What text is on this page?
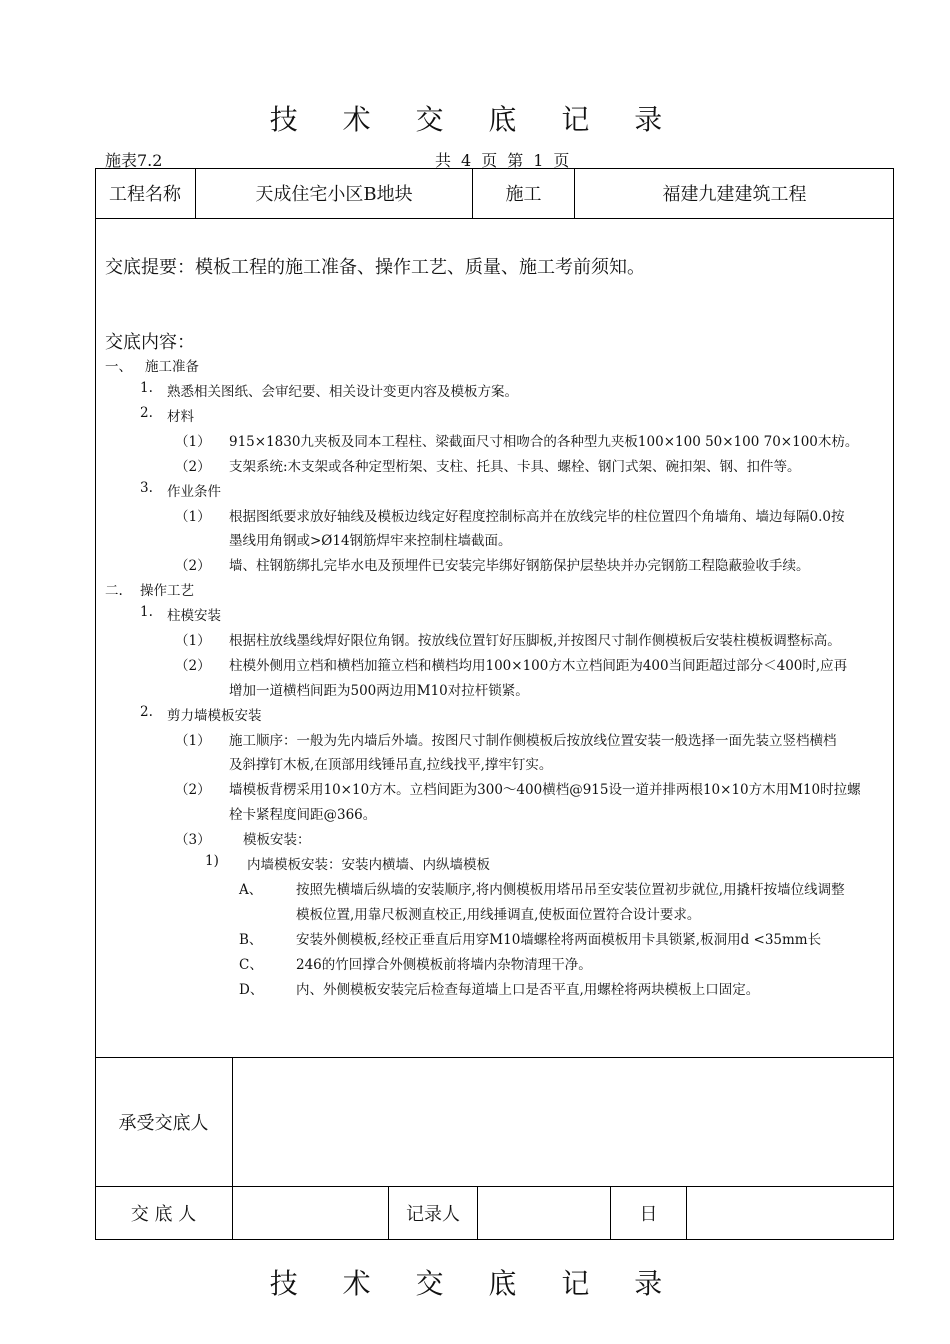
技 术 交 底 记 录
施表7.2	共 4 页 第 1 页
工程名称	天成住宅小区B地块	施工	福建九建建筑工程
交底提要：模板工程的施工准备、操作工艺、质量、施工考前须知。
交底内容：
一、 施工准备
1. 熟悉相关图纸、会审纪要、相关设计变更内容及模板方案。
2. 材料
（1） 915×1830九夹板及同本工程柱、梁截面尺寸相吻合的各种型九夹板100×100 50×100 70×100木枋。
（2） 支架系统:木支架或各种定型桁架、支柱、托具、卡具、螺栓、钢门式架、碗扣架、钢、扣件等。
3. 作业条件
（1） 根据图纸要求放好轴线及模板边线定好程度控制标高并在放线完毕的柱位置四个角墙角、墙边每隔0.0按
墨线用角钢或>Ø14钢筋焊牢来控制柱墙截面。
（2） 墙、柱钢筋绑扎完毕水电及预埋件已安装完毕绑好钢筋保护层垫块并办完钢筋工程隐蔽验收手续。
二. 操作工艺
1. 柱模安装
（1） 根据柱放线墨线焊好限位角钢。按放线位置钉好压脚板,并按图尺寸制作侧模板后安装柱模板调整标高。
（2） 柱模外侧用立档和横档加箍立档和横档均用100×100方木立档间距为400当间距超过部分＜400时,应再
增加一道横档间距为500两边用M10对拉杆锁紧。
2. 剪力墙模板安装
（1） 施工顺序：一般为先内墙后外墙。按图尺寸制作侧模板后按放线位置安装一般选择一面先装立竖档横档
及斜撑钉木板,在顶部用线锤吊直,拉线找平,撑牢钉实。
（2） 墙模板背楞采用10×10方木。立档间距为300～400横档@915设一道并排两根10×10方木用M10时拉螺
栓卡紧程度间距@366。
（3） 模板安装：
1) 内墙模板安装：安装内横墙、内纵墙模板
A、	按照先横墙后纵墙的安装顺序,将内侧模板用塔吊吊至安装位置初步就位,用撬杆按墙位线调整
模板位置,用靠尺板测直校正,用线捶调直,使板面位置符合设计要求。
B、 安装外侧模板,经校正垂直后用穿M10墙螺栓将两面模板用卡具锁紧,板洞用d <35mm长
C、 246的竹回撑合外侧模板前将墙内杂物清理干净。
D、 内、外侧模板安装完后检查每道墙上口是否平直,用螺栓将两块模板上口固定。
承受交底人
交 底 人	记录人	日
技 术 交 底 记 录
